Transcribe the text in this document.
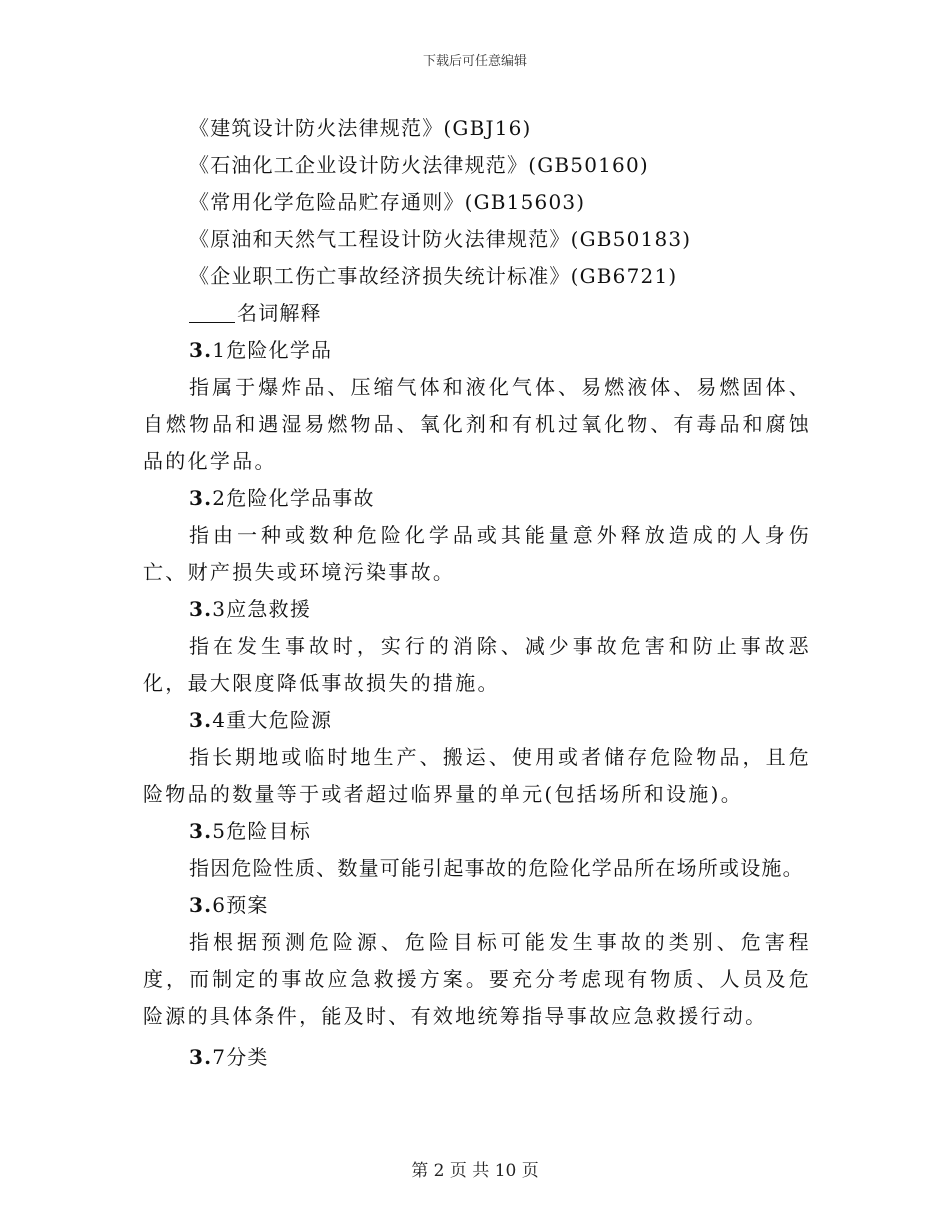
下载后可任意编辑
《建筑设计防火法律规范》(GBJ16)
《石油化工企业设计防火法律规范》(GB50160)
《常用化学危险品贮存通则》(GB15603)
《原油和天然气工程设计防火法律规范》(GB50183)
《企业职工伤亡事故经济损失统计标准》(GB6721)
名词解释
3.1危险化学品

指属于爆炸品、压缩气体和液化气体、易燃液体、易燃固体、自燃物品和遇湿易燃物品、氧化剂和有机过氧化物、有毒品和腐蚀品的化学品。

3.2危险化学品事故

指由一种或数种危险化学品或其能量意外释放造成的人身伤亡、财产损失或环境污染事故。

3.3应急救援

指在发生事故时，实行的消除、减少事故危害和防止事故恶化，最大限度降低事故损失的措施。

3.4重大危险源

指长期地或临时地生产、搬运、使用或者储存危险物品，且危险物品的数量等于或者超过临界量的单元(包括场所和设施)。

3.5危险目标

指因危险性质、数量可能引起事故的危险化学品所在场所或设施。

3.6预案

指根据预测危险源、危险目标可能发生事故的类别、危害程度，而制定的事故应急救援方案。要充分考虑现有物质、人员及危险源的具体条件，能及时、有效地统筹指导事故应急救援行动。

3.7分类
第 2 页 共 10 页
